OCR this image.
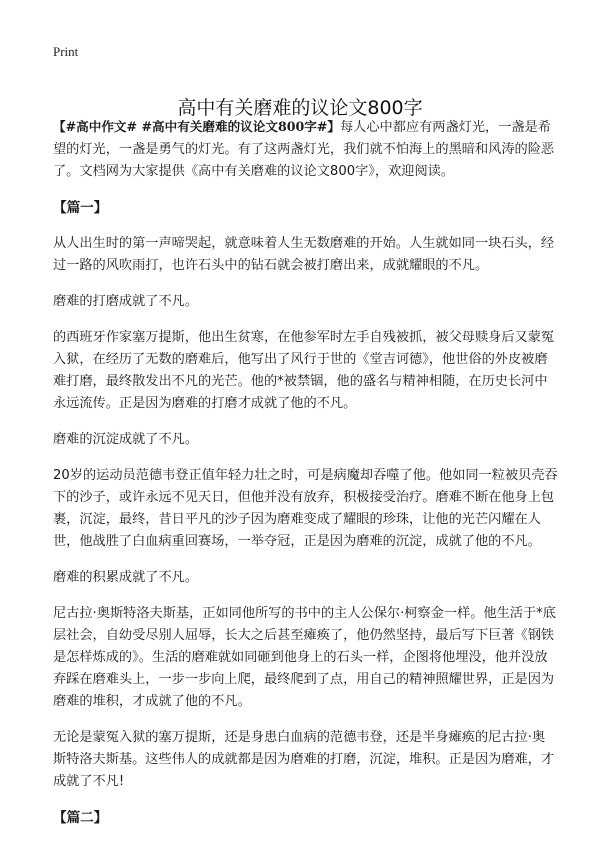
Print
高中有关磨难的议论文800字

【#高中作文# #高中有关磨难的议论文800字#】每人心中都应有两盏灯光，一盏是希望的灯光，一盏是勇气的灯光。有了这两盏灯光，我们就不怕海上的黑暗和风涛的险恶了。文档网为大家提供《高中有关磨难的议论文800字》，欢迎阅读。

【篇一】

从人出生时的第一声啼哭起，就意味着人生无数磨难的开始。人生就如同一块石头，经过一路的风吹雨打，也许石头中的钻石就会被打磨出来，成就耀眼的不凡。

磨难的打磨成就了不凡。

的西班牙作家塞万提斯，他出生贫寒，在他参军时左手自残被抓，被父母赎身后又蒙冤入狱，在经历了无数的磨难后，他写出了风行于世的《堂吉诃德》，他世俗的外皮被磨难打磨，最终散发出不凡的光芒。他的*被禁锢，他的盛名与精神相随，在历史长河中永远流传。正是因为磨难的打磨才成就了他的不凡。

磨难的沉淀成就了不凡。

20岁的运动员范德韦登正值年轻力壮之时，可是病魔却吞噬了他。他如同一粒被贝壳吞下的沙子，或许永远不见天日，但他并没有放弃，积极接受治疗。磨难不断在他身上包裹，沉淀，最终，昔日平凡的沙子因为磨难变成了耀眼的珍珠，让他的光芒闪耀在人世，他战胜了白血病重回赛场，一举夺冠，正是因为磨难的沉淀，成就了他的不凡。

磨难的积累成就了不凡。

尼古拉·奥斯特洛夫斯基，正如同他所写的书中的主人公保尔·柯察金一样。他生活于*底层社会，自幼受尽别人屈辱，长大之后甚至瘫痪了，他仍然坚持，最后写下巨著《钢铁是怎样炼成的》。生活的磨难就如同砸到他身上的石头一样，企图将他埋没，他并没放弃踩在磨难头上，一步一步向上爬，最终爬到了点，用自己的精神照耀世界，正是因为磨难的堆积，才成就了他的不凡。

无论是蒙冤入狱的塞万提斯，还是身患白血病的范德韦登，还是半身瘫痪的尼古拉·奥斯特洛夫斯基。这些伟人的成就都是因为磨难的打磨，沉淀，堆积。正是因为磨难，才成就了不凡!

【篇二】
